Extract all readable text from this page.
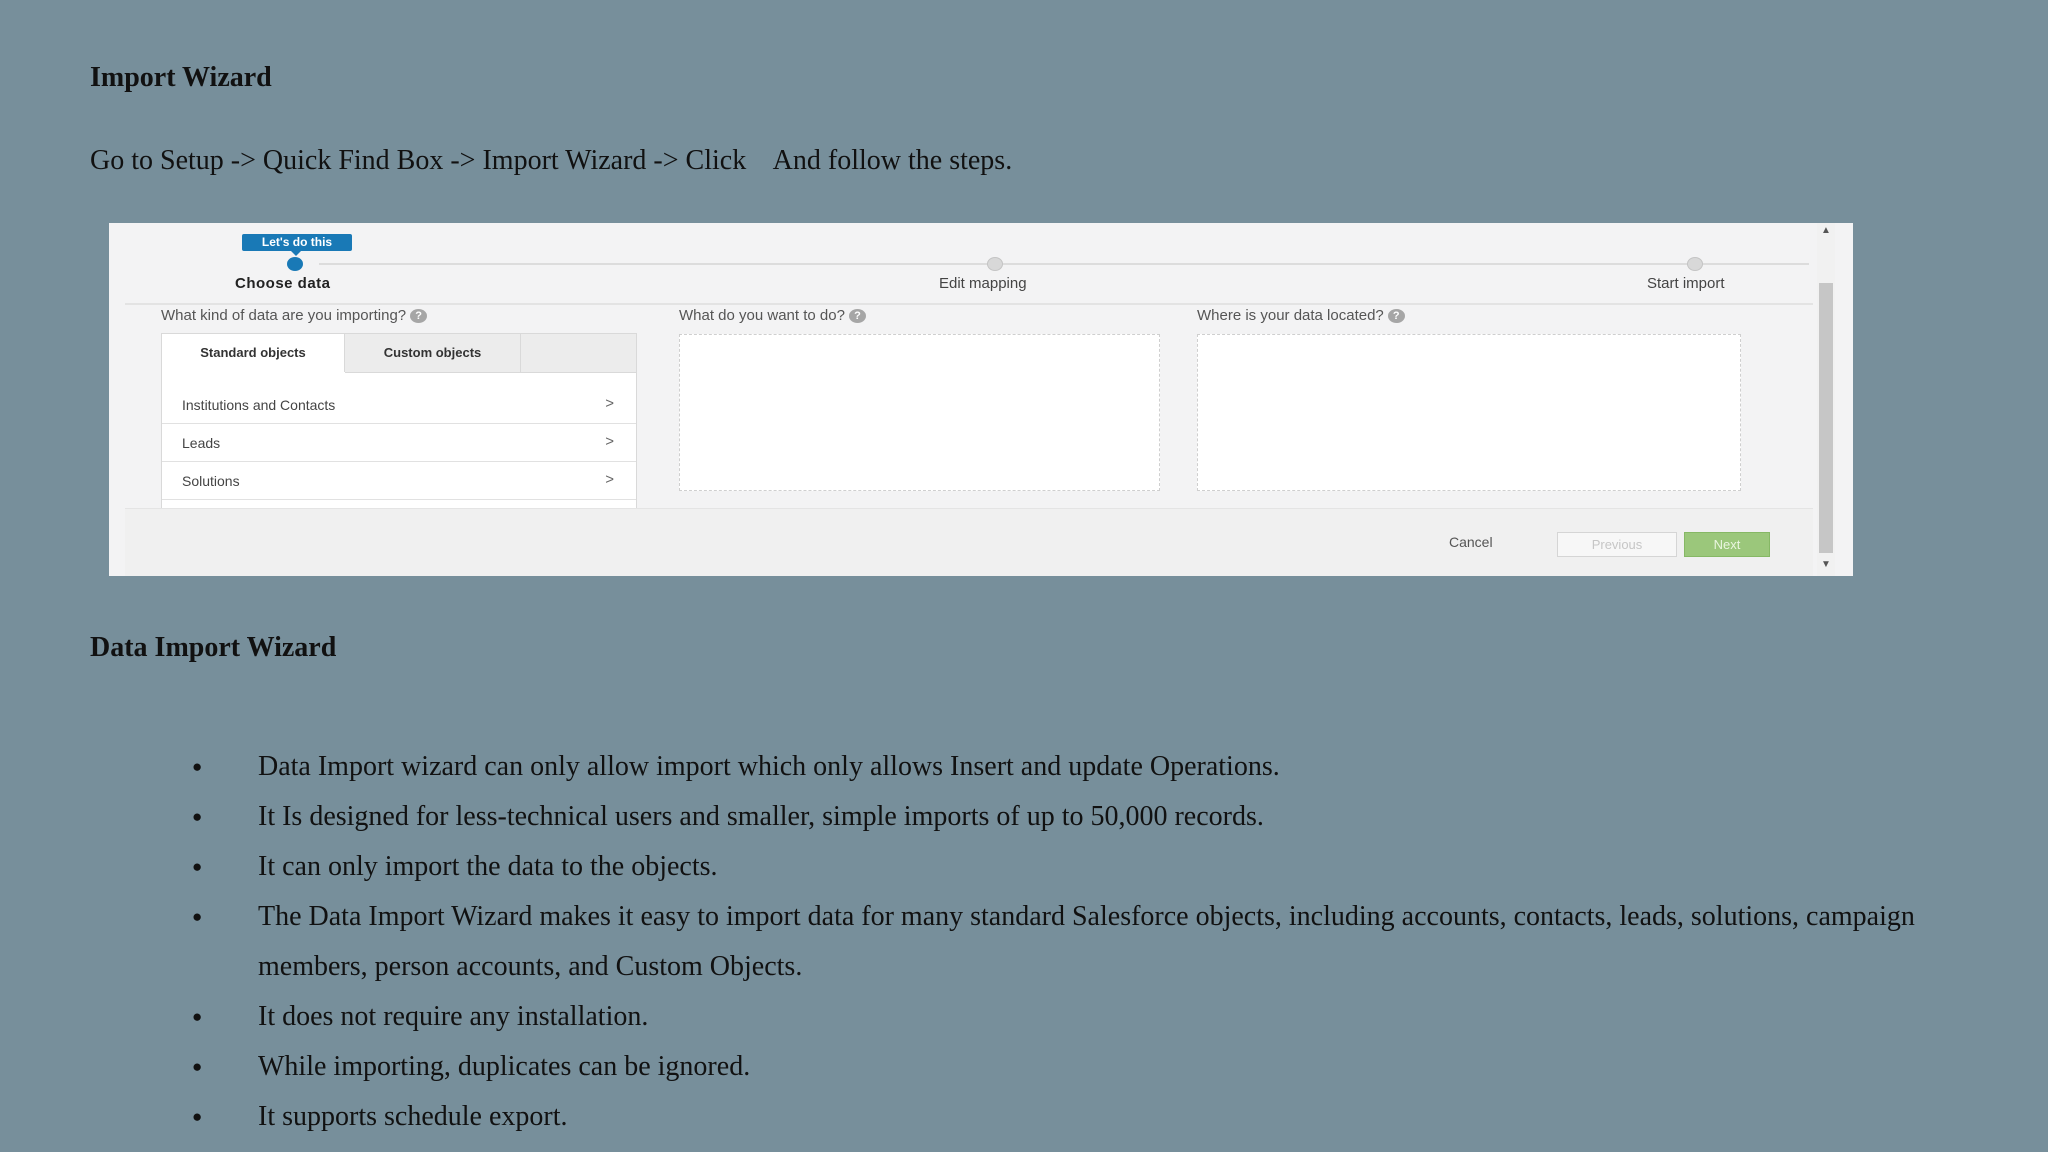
Import Wizard
Go to Setup -> Quick Find Box -> Import Wizard -> Click    And follow the steps.
Let's do this
Choose data	Edit mapping	Start import
What kind of data are you importing? ?	What do you want to do? ?	Where is your data located? ?
Standard objects	Custom objects
Institutions and Contacts	>
Leads	>
Solutions	>
Cancel	Previous	Next
▲
▼
Data Import Wizard
● Data Import wizard can only allow import which only allows Insert and update Operations.
● It Is designed for less-technical users and smaller, simple imports of up to 50,000 records.
● It can only import the data to the objects.
● The Data Import Wizard makes it easy to import data for many standard Salesforce objects, including accounts, contacts, leads, solutions, campaign members, person accounts, and Custom Objects.
● It does not require any installation.
● While importing, duplicates can be ignored.
● It supports schedule export.
